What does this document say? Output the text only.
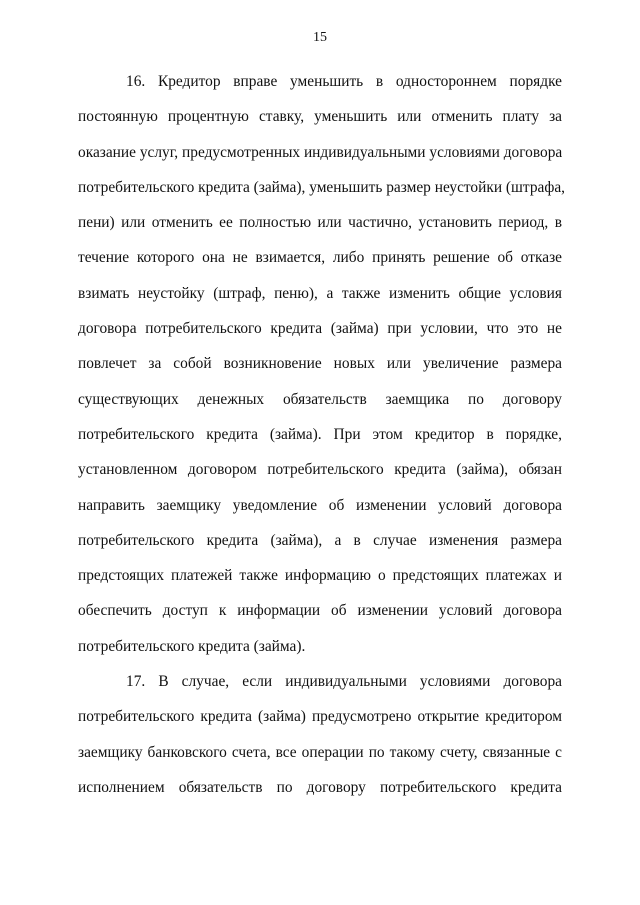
15
16. Кредитор вправе уменьшить в одностороннем порядке
постоянную процентную ставку, уменьшить или отменить плату за
оказание услуг, предусмотренных индивидуальными условиями договора
потребительского кредита (займа), уменьшить размер неустойки (штрафа,
пени) или отменить ее полностью или частично, установить период, в
течение которого она не взимается, либо принять решение об отказе
взимать неустойку (штраф, пеню), а также изменить общие условия
договора потребительского кредита (займа) при условии, что это не
повлечет за собой возникновение новых или увеличение размера
существующих денежных обязательств заемщика по договору
потребительского кредита (займа). При этом кредитор в порядке,
установленном договором потребительского кредита (займа), обязан
направить заемщику уведомление об изменении условий договора
потребительского кредита (займа), а в случае изменения размера
предстоящих платежей также информацию о предстоящих платежах и
обеспечить доступ к информации об изменении условий договора
потребительского кредита (займа).
17. В случае, если индивидуальными условиями договора
потребительского кредита (займа) предусмотрено открытие кредитором
заемщику банковского счета, все операции по такому счету, связанные с
исполнением обязательств по договору потребительского кредита
